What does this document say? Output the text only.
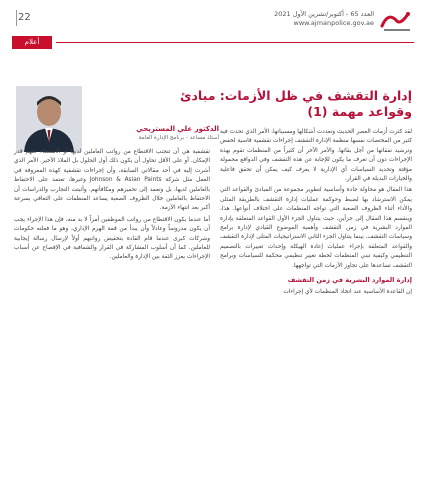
22	العدد 65 - أكتوبر/تشرين الأول 2021
www.ajmanpolice.gov.ae
أعلام
إدارة التقشف في ظل الأزمات: مبادئ وقواعد مهمة (1)
الدكتور علي المستريحي
أستاذ مساعد - برنامج الإدارة العامة

لقد كثرت أزمات العصر الحديث وتعددت أشكالها ومسبباتها، الأمر الذي تحدث فيه كثير من المختصات نفسها منظمة الإدارة التقشف إجراءات تقشفية قاسية لخفض وترشيد نفقاتها من أجل بقائها. والأمر الآخر أن كثيراً من المنظمات تقوم بهذه الإجراءات دون أن تعرف ما يكون للإجابة عن هذه التقشف وفي الدوافع محمولة مؤقتة وتحديد السياسات أي الإدارية لا يعرف كيف يمكن أن تحقق فاعلية والخيارات البديلة في القرار.

هذا المقال هو محاولة جادة وأساسية لتطوير مجموعة من المبادئ والقواعد التي يمكن الاسترشاد بها لضبط وحوكمة عمليات إدارة التقشف بالطريقة المثلى والأداء أثناء الظروف الصعبة التي تواجه المنظمات على اختلاف أنواعها. هذا، وينقسم هذا المقال إلى جزأين، حيث يتناول الجزء الأول القواعد المتعلقة بإدارة الموارد البشرية في زمن التقشف وأهمية الموضوع القيادي لإدارة برامج وسياسات التقشف، بينما يتناول الجزء الثاني الاستراتيجيات المثلى لإدارة التقشف والقواعد المتعلقة بإجراء عمليات إعادة الهيكلة وإحداث تغييرات بالتصميم التنظيمي وكيفية تبني المنظمات لخطة تغيير تنظيمي محكمة للسياسات وبرامج التقشف تساعدها على تجاوز الأزمات التي تواجهها.

إدارة الموارد البشرية في زمن التقشف

إن القاعدة الأساسية عند اتخاذ المنظمات لأي إجراءات

تقشفية هي أن تتجنب الاقتطاع من رواتب العاملين لديها أو الاستغناء عنهم قدر الإمكان. أو على الأقل تحاول أن يكون ذلك أول الحلول بل الملاذ الأخير. الأمر الذي أشرت إليه في أحد مقالاتي السابقة، وأن إجراءات تقشفية كهذه المعروفة في العمل مثل شركة Johnson & Asian Paints وغيرها، تعتمد على الاحتفاظ بالعاملين لديها، بل وتعمد إلى تحفيزهم ومكافأتهم. وأثبتت التجارب والدراسات أن الاحتفاظ بالعاملين خلال الظروف الصعبة يساعد المنظمات على التعافي بسرعة أكبر بعد انتهاء الأزمة.

أما عندما يكون الاقتطاع من رواتب الموظفين أمراً لا بد منه، فإن هذا الإجراء يجب أن يكون مدروساً وعادلاً وأن يبدأ من قمة الهرم الإداري، وهو ما فعلته حكومات وشركات كبرى عندما قام القادة بتخفيض رواتبهم أولاً لإرسال رسالة إيجابية للعاملين. كما أن أسلوب المشاركة في القرار والشفافية في الإفصاح عن أسباب الإجراءات يعزز الثقة بين الإدارة والعاملين.
